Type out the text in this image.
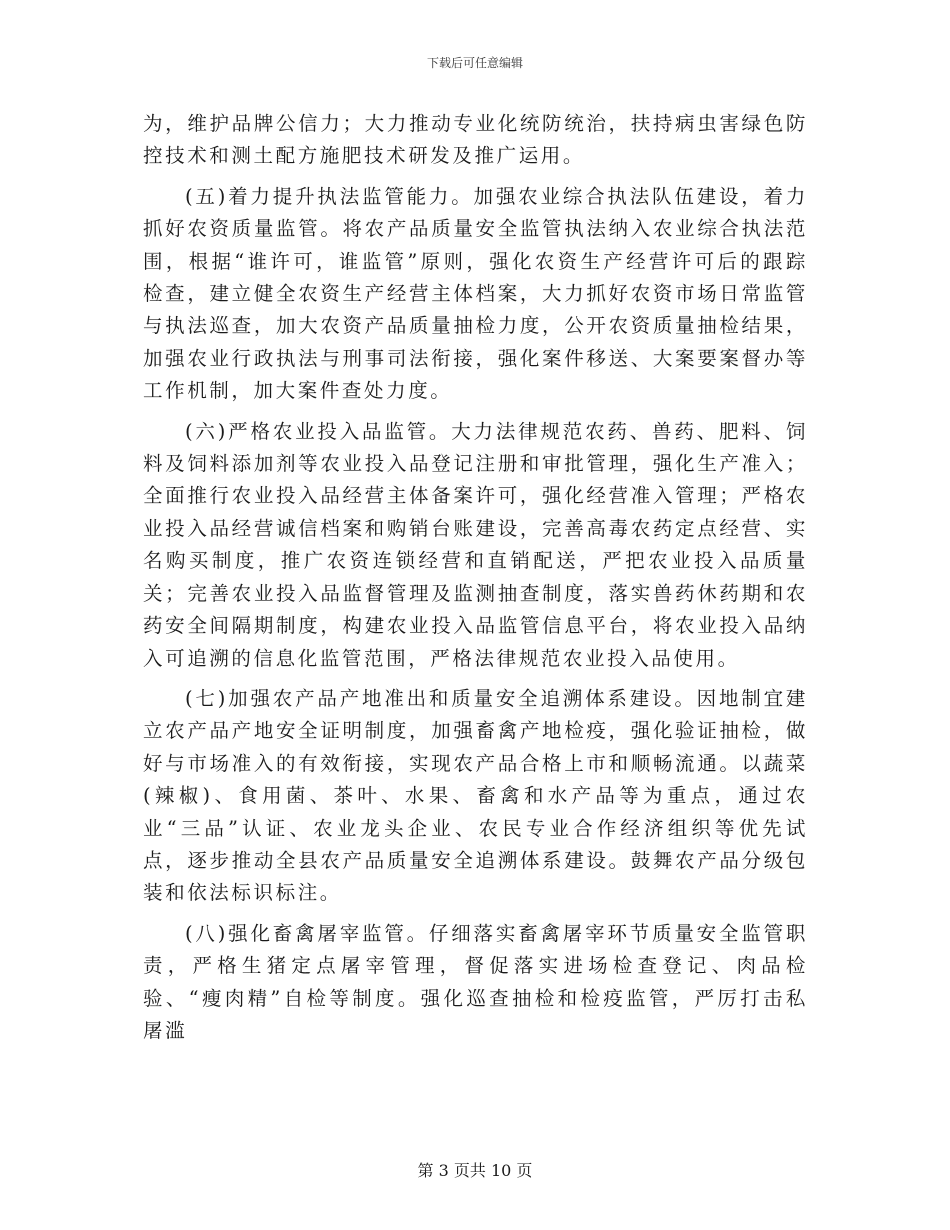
下载后可任意编辑

为，维护品牌公信力；大力推动专业化统防统治，扶持病虫害绿色防控技术和测土配方施肥技术研发及推广运用。

(五)着力提升执法监管能力。加强农业综合执法队伍建设，着力抓好农资质量监管。将农产品质量安全监管执法纳入农业综合执法范围，根据“谁许可，谁监管”原则，强化农资生产经营许可后的跟踪检查，建立健全农资生产经营主体档案，大力抓好农资市场日常监管与执法巡查，加大农资产品质量抽检力度，公开农资质量抽检结果，加强农业行政执法与刑事司法衔接，强化案件移送、大案要案督办等工作机制，加大案件查处力度。

(六)严格农业投入品监管。大力法律规范农药、兽药、肥料、饲料及饲料添加剂等农业投入品登记注册和审批管理，强化生产准入；全面推行农业投入品经营主体备案许可，强化经营准入管理；严格农业投入品经营诚信档案和购销台账建设，完善高毒农药定点经营、实名购买制度，推广农资连锁经营和直销配送，严把农业投入品质量关；完善农业投入品监督管理及监测抽查制度，落实兽药休药期和农药安全间隔期制度，构建农业投入品监管信息平台，将农业投入品纳入可追溯的信息化监管范围，严格法律规范农业投入品使用。

(七)加强农产品产地准出和质量安全追溯体系建设。因地制宜建立农产品产地安全证明制度，加强畜禽产地检疫，强化验证抽检，做好与市场准入的有效衔接，实现农产品合格上市和顺畅流通。以蔬菜(辣椒)、食用菌、茶叶、水果、畜禽和水产品等为重点，通过农业“三品”认证、农业龙头企业、农民专业合作经济组织等优先试点，逐步推动全县农产品质量安全追溯体系建设。鼓舞农产品分级包装和依法标识标注。

(八)强化畜禽屠宰监管。仔细落实畜禽屠宰环节质量安全监管职责，严格生猪定点屠宰管理，督促落实进场检查登记、肉品检验、“瘦肉精”自检等制度。强化巡查抽检和检疫监管，严厉打击私屠滥

第 3 页共 10 页
